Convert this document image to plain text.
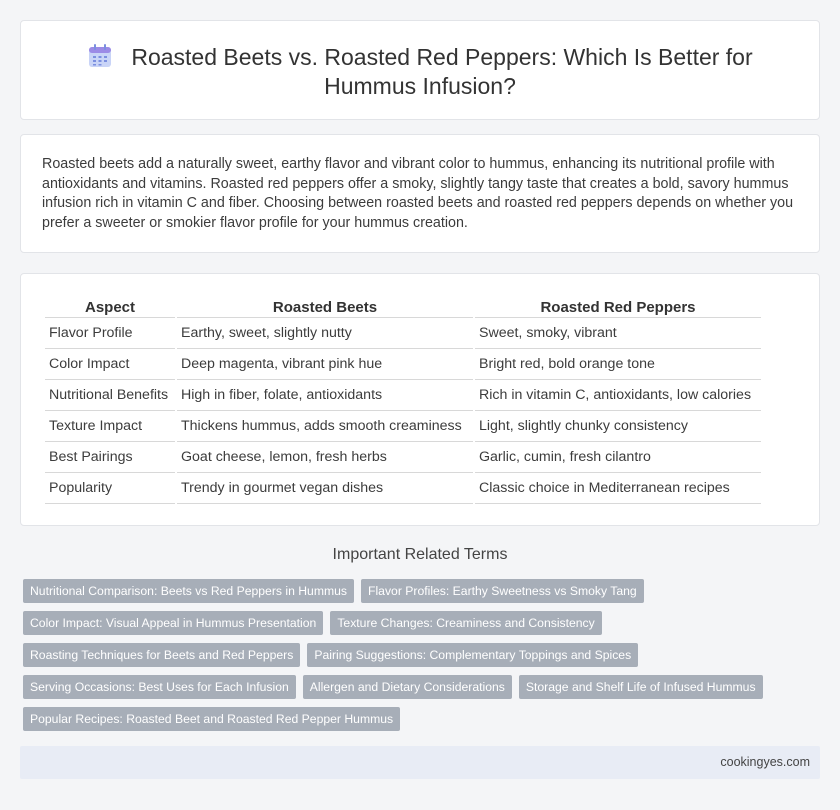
Roasted Beets vs. Roasted Red Peppers: Which Is Better for Hummus Infusion?

Roasted beets add a naturally sweet, earthy flavor and vibrant color to hummus, enhancing its nutritional profile with antioxidants and vitamins. Roasted red peppers offer a smoky, slightly tangy taste that creates a bold, savory hummus infusion rich in vitamin C and fiber. Choosing between roasted beets and roasted red peppers depends on whether you prefer a sweeter or smokier flavor profile for your hummus creation.

Aspect	Roasted Beets	Roasted Red Peppers
Flavor Profile	Earthy, sweet, slightly nutty	Sweet, smoky, vibrant
Color Impact	Deep magenta, vibrant pink hue	Bright red, bold orange tone
Nutritional Benefits	High in fiber, folate, antioxidants	Rich in vitamin C, antioxidants, low calories
Texture Impact	Thickens hummus, adds smooth creaminess	Light, slightly chunky consistency
Best Pairings	Goat cheese, lemon, fresh herbs	Garlic, cumin, fresh cilantro
Popularity	Trendy in gourmet vegan dishes	Classic choice in Mediterranean recipes
Important Related Terms
Nutritional Comparison: Beets vs Red Peppers in Hummus	Flavor Profiles: Earthy Sweetness vs Smoky Tang
Color Impact: Visual Appeal in Hummus Presentation	Texture Changes: Creaminess and Consistency
Roasting Techniques for Beets and Red Peppers	Pairing Suggestions: Complementary Toppings and Spices
Serving Occasions: Best Uses for Each Infusion	Allergen and Dietary Considerations	Storage and Shelf Life of Infused Hummus
Popular Recipes: Roasted Beet and Roasted Red Pepper Hummus
cookingyes.com
